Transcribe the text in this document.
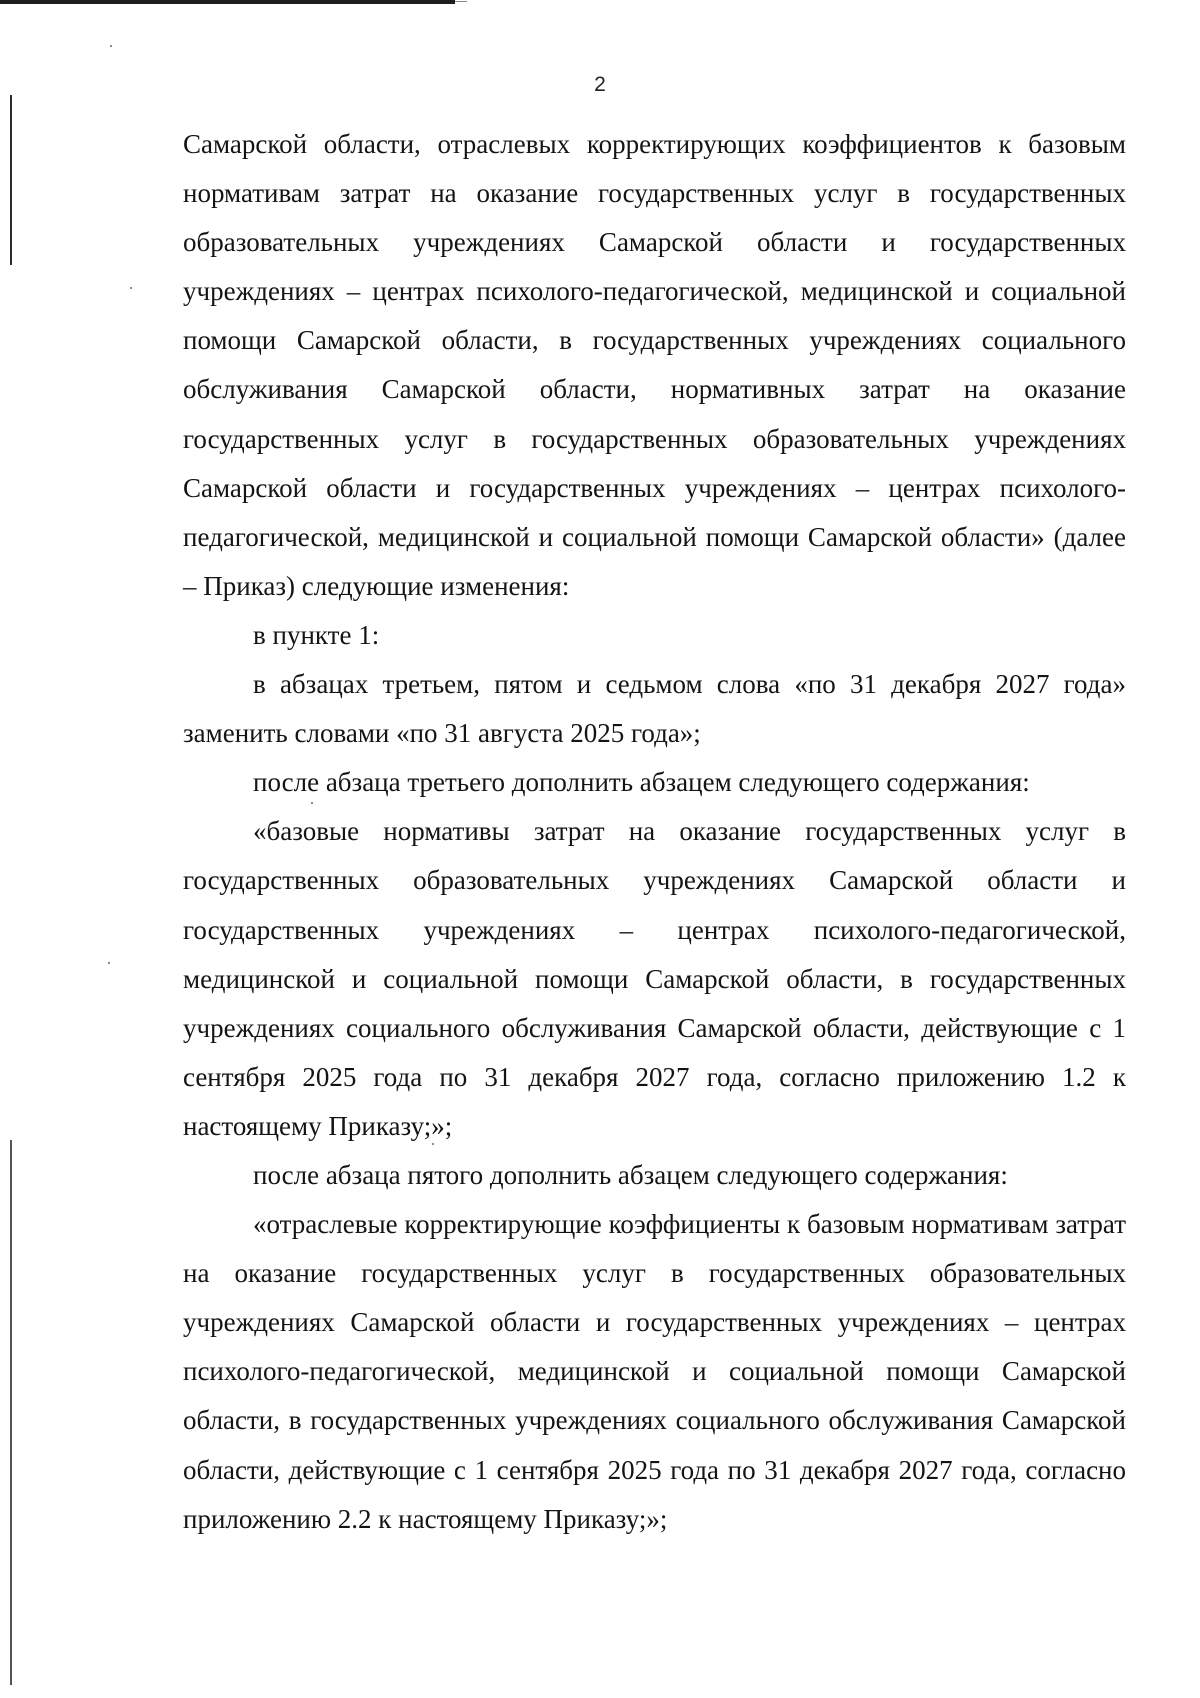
2

Самарской области, отраслевых корректирующих коэффициентов к базовым нормативам затрат на оказание государственных услуг в государственных образовательных учреждениях Самарской области и государственных учреждениях – центрах психолого-педагогической, медицинской и социальной помощи Самарской области, в государственных учреждениях социального обслуживания Самарской области, нормативных затрат на оказание государственных услуг в государственных образовательных учреждениях Самарской области и государственных учреждениях – центрах психолого-педагогической, медицинской и социальной помощи Самарской области» (далее – Приказ) следующие изменения:

в пункте 1:

в абзацах третьем, пятом и седьмом слова «по 31 декабря 2027 года» заменить словами «по 31 августа 2025 года»;

после абзаца третьего дополнить абзацем следующего содержания:

«базовые нормативы затрат на оказание государственных услуг в государственных образовательных учреждениях Самарской области и государственных учреждениях – центрах психолого-педагогической, медицинской и социальной помощи Самарской области, в государственных учреждениях социального обслуживания Самарской области, действующие с 1 сентября 2025 года по 31 декабря 2027 года, согласно приложению 1.2 к настоящему Приказу;»;

после абзаца пятого дополнить абзацем следующего содержания:

«отраслевые корректирующие коэффициенты к базовым нормативам затрат на оказание государственных услуг в государственных образовательных учреждениях Самарской области и государственных учреждениях – центрах психолого-педагогической, медицинской и социальной помощи Самарской области, в государственных учреждениях социального обслуживания Самарской области, действующие с 1 сентября 2025 года по 31 декабря 2027 года, согласно приложению 2.2 к настоящему Приказу;»;
